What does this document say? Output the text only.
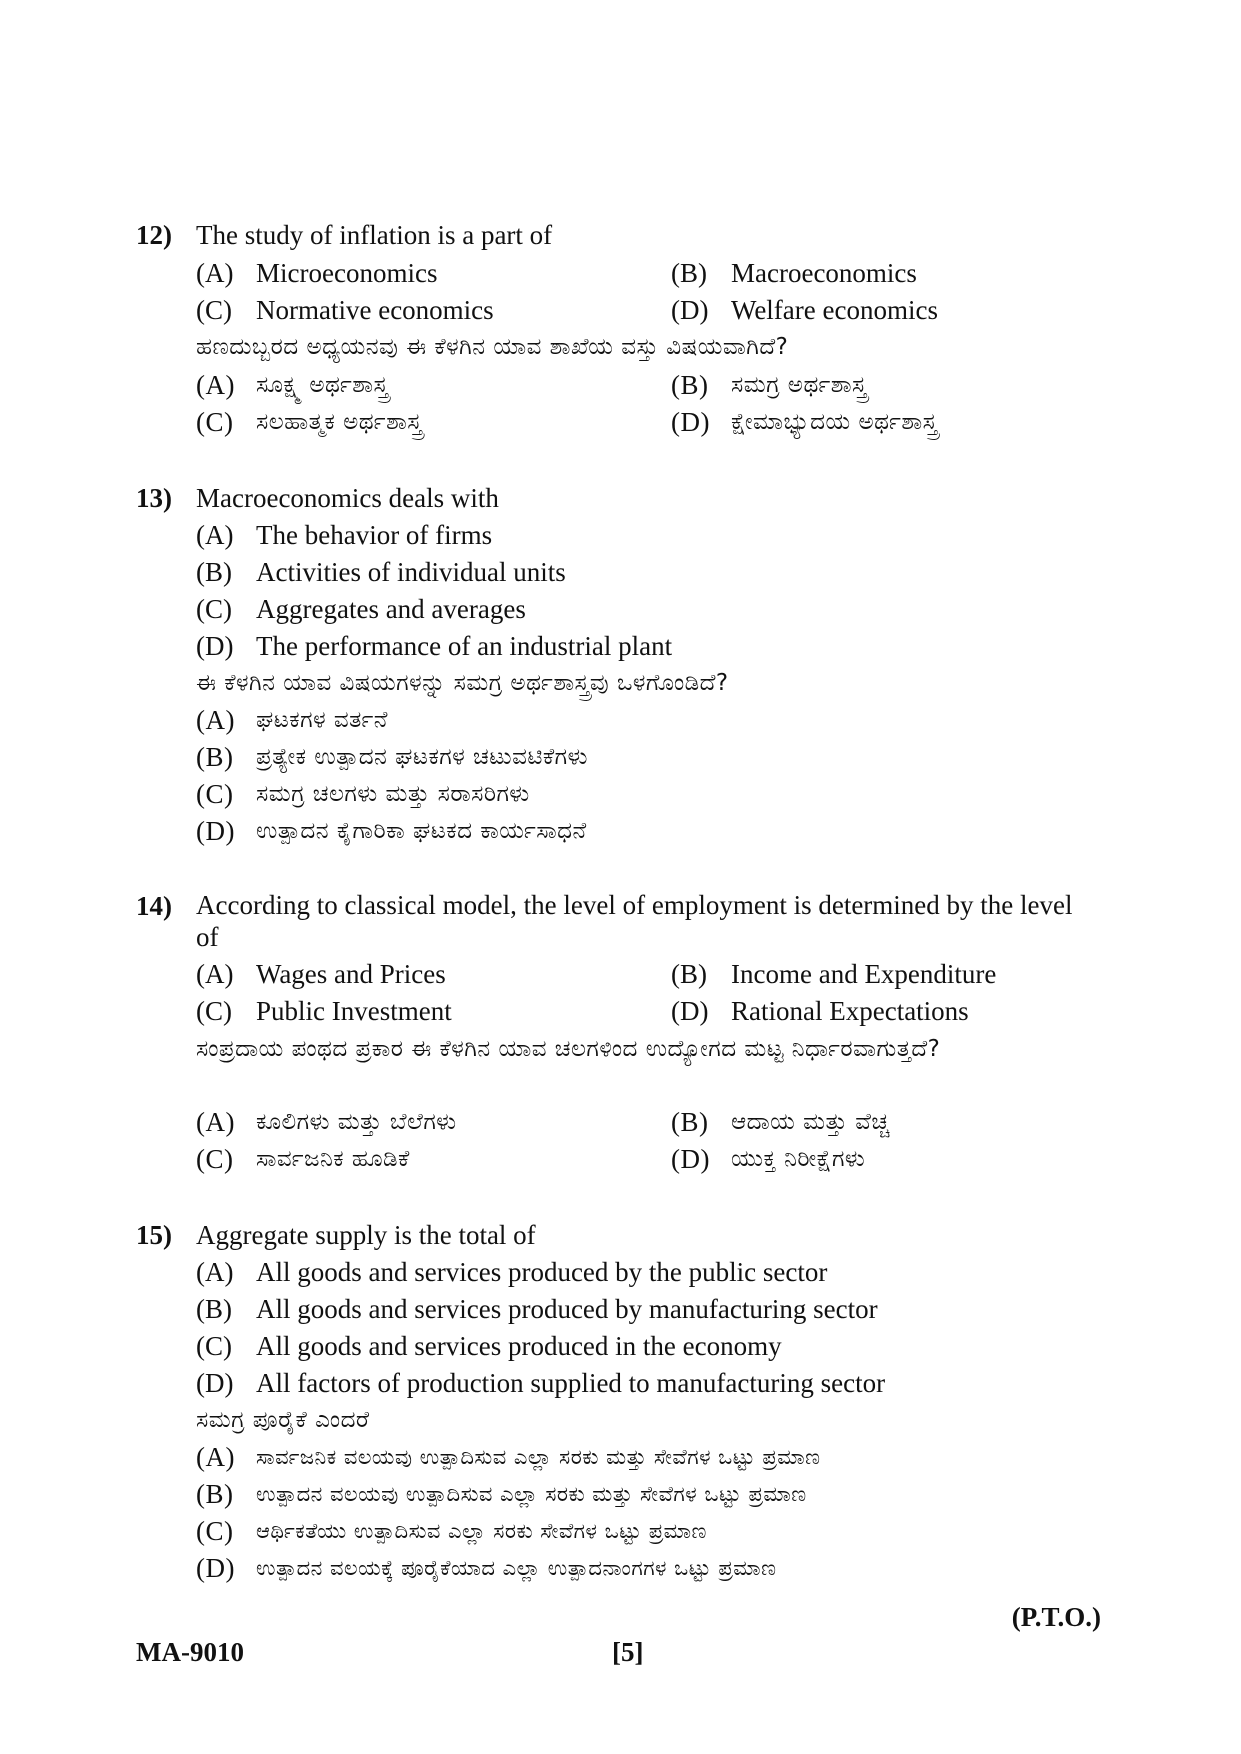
12) The study of inflation is a part of
(A) Microeconomics	(B) Macroeconomics
(C) Normative economics	(D) Welfare economics
ಹಣದುಬ್ಬರದ ಅಧ್ಯಯನವು ಈ ಕೆಳಗಿನ ಯಾವ ಶಾಖೆಯ ವಸ್ತು ವಿಷಯವಾಗಿದೆ?
(A) ಸೂಕ್ಷ್ಮ ಅರ್ಥಶಾಸ್ತ್ರ	(B) ಸಮಗ್ರ ಅರ್ಥಶಾಸ್ತ್ರ
(C) ಸಲಹಾತ್ಮಕ ಅರ್ಥಶಾಸ್ತ್ರ	(D) ಕ್ಷೇಮಾಭ್ಯುದಯ ಅರ್ಥಶಾಸ್ತ್ರ
13) Macroeconomics deals with
(A) The behavior of firms
(B) Activities of individual units
(C) Aggregates and averages
(D) The performance of an industrial plant
ಈ ಕೆಳಗಿನ ಯಾವ ವಿಷಯಗಳನ್ನು ಸಮಗ್ರ ಅರ್ಥಶಾಸ್ತ್ರವು ಒಳಗೊಂಡಿದೆ?
(A) ಘಟಕಗಳ ವರ್ತನೆ
(B) ಪ್ರತ್ಯೇಕ ಉತ್ಪಾದನ ಘಟಕಗಳ ಚಟುವಟಿಕೆಗಳು
(C) ಸಮಗ್ರ ಚಲಗಳು ಮತ್ತು ಸರಾಸರಿಗಳು
(D) ಉತ್ಪಾದನ ಕೈಗಾರಿಕಾ ಘಟಕದ ಕಾರ್ಯಸಾಧನೆ
14) According to classical model, the level of employment is determined by the level of
(A) Wages and Prices	(B) Income and Expenditure
(C) Public Investment	(D) Rational Expectations
ಸಂಪ್ರದಾಯ ಪಂಥದ ಪ್ರಕಾರ ಈ ಕೆಳಗಿನ ಯಾವ ಚಲಗಳಿಂದ ಉದ್ಯೋಗದ ಮಟ್ಟ ನಿರ್ಧಾರವಾಗುತ್ತದೆ?
(A) ಕೂಲಿಗಳು ಮತ್ತು ಬೆಲೆಗಳು	(B) ಆದಾಯ ಮತ್ತು ವೆಚ್ಚ
(C) ಸಾರ್ವಜನಿಕ ಹೂಡಿಕೆ	(D) ಯುಕ್ತ ನಿರೀಕ್ಷೆಗಳು
15) Aggregate supply is the total of
(A) All goods and services produced by the public sector
(B) All goods and services produced by manufacturing sector
(C) All goods and services produced in the economy
(D) All factors of production supplied to manufacturing sector
ಸಮಗ್ರ ಪೂರೈಕೆ ಎಂದರೆ
(A)	ಸಾರ್ವಜನಿಕ ವಲಯವು ಉತ್ಪಾದಿಸುವ ಎಲ್ಲಾ ಸರಕು ಮತ್ತು ಸೇವೆಗಳ ಒಟ್ಟು ಪ್ರಮಾಣ
(B)	ಉತ್ಪಾದನ ವಲಯವು ಉತ್ಪಾದಿಸುವ ಎಲ್ಲಾ ಸರಕು ಮತ್ತು ಸೇವೆಗಳ ಒಟ್ಟು ಪ್ರಮಾಣ
(C)	ಆರ್ಥಿಕತೆಯು ಉತ್ಪಾದಿಸುವ ಎಲ್ಲಾ ಸರಕು ಸೇವೆಗಳ ಒಟ್ಟು ಪ್ರಮಾಣ
(D)	ಉತ್ಪಾದನ ವಲಯಕ್ಕೆ ಪೂರೈಕೆಯಾದ ಎಲ್ಲಾ ಉತ್ಪಾದನಾಂಗಗಳ ಒಟ್ಟು ಪ್ರಮಾಣ
(P.T.O.)
MA-9010	[5]
